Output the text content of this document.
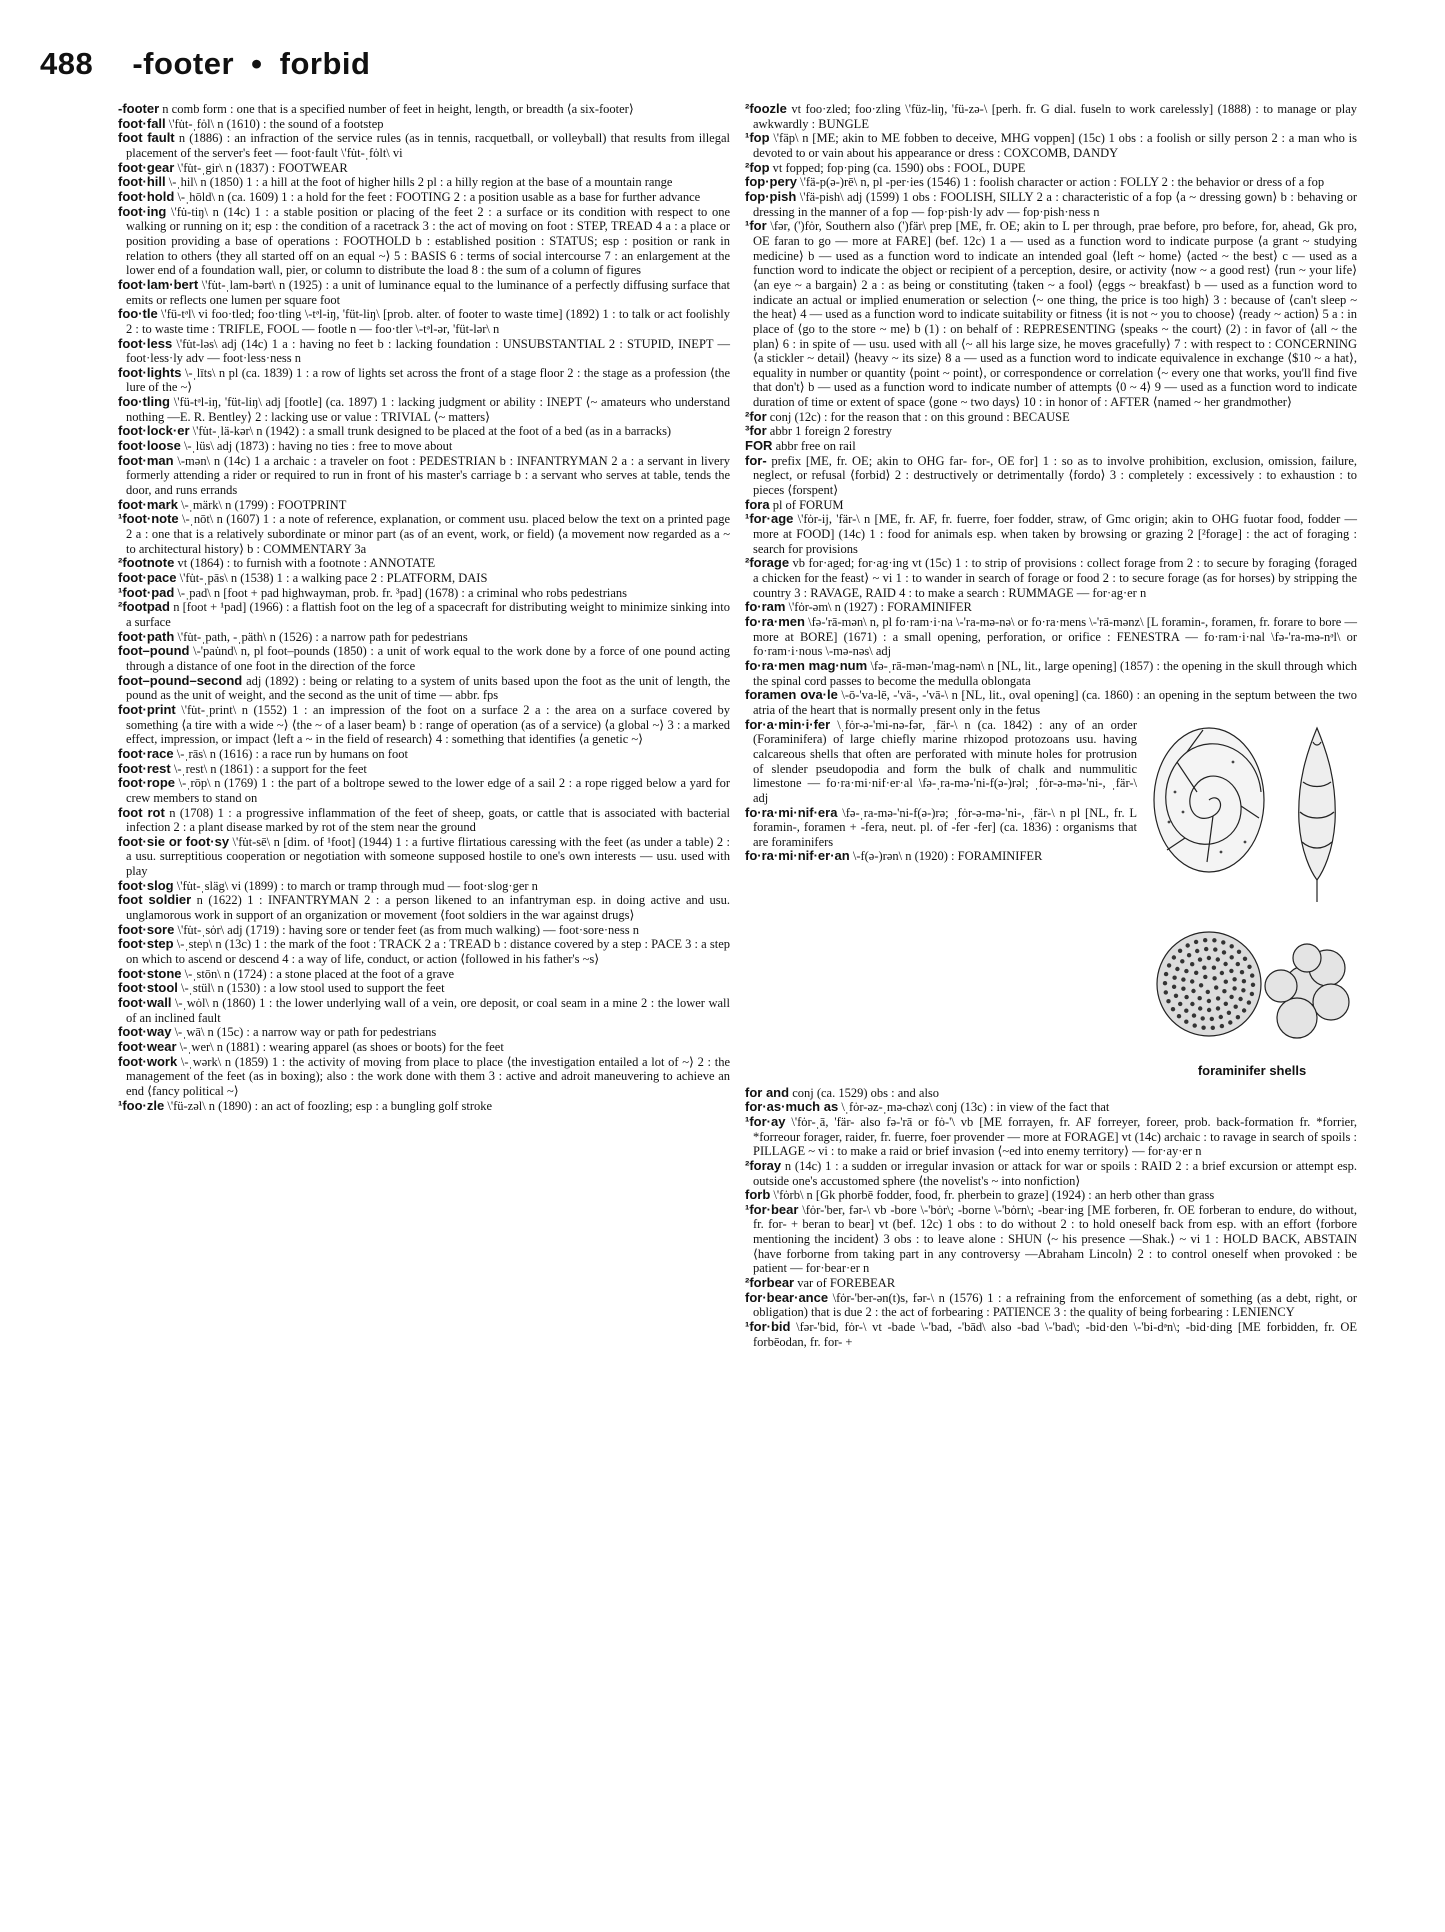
488 -footer • forbid

-footer n comb form : one that is a specified number of feet in height, length, or breadth ⟨a six-footer⟩

foot·fall \'fu̇t-ˌfȯl\ n (1610) : the sound of a footstep

foot fault n (1886) : an infraction of the service rules (as in tennis, racquetball, or volleyball) that results from illegal placement of the server's feet — foot·fault \'fu̇t-ˌfȯlt\ vi

foot·gear \'fu̇t-ˌgir\ n (1837) : FOOTWEAR

foot·hill \-ˌhil\ n (1850) 1 : a hill at the foot of higher hills 2 pl : a hilly region at the base of a mountain range

foot·hold \-ˌhōld\ n (ca. 1609) 1 : a hold for the feet : FOOTING 2 : a position usable as a base for further advance

foot·ing \'fu̇-tiŋ\ n (14c) 1 : a stable position or placing of the feet 2 : a surface or its condition with respect to one walking or running on it; esp : the condition of a racetrack 3 : the act of moving on foot : STEP, TREAD 4 a : a place or position providing a base of operations : FOOTHOLD b : established position : STATUS; esp : position or rank in relation to others ⟨they all started off on an equal ~⟩ 5 : BASIS 6 : terms of social intercourse 7 : an enlargement at the lower end of a foundation wall, pier, or column to distribute the load 8 : the sum of a column of figures

foot·lam·bert \'fu̇t-ˌlam-bərt\ n (1925) : a unit of luminance equal to the luminance of a perfectly diffusing surface that emits or reflects one lumen per square foot

foo·tle \'fü-tᵊl\ vi foo·tled; foo·tling \-tᵊl-iŋ, 'füt-liŋ\ [prob. alter. of footer to waste time] (1892) 1 : to talk or act foolishly 2 : to waste time : TRIFLE, FOOL — footle n — foo·tler \-tᵊl-ər, 'füt-lər\ n

foot·less \'fu̇t-ləs\ adj (14c) 1 a : having no feet b : lacking foundation : UNSUBSTANTIAL 2 : STUPID, INEPT — foot·less·ly adv — foot·less·ness n

foot·lights \-ˌlīts\ n pl (ca. 1839) 1 : a row of lights set across the front of a stage floor 2 : the stage as a profession ⟨the lure of the ~⟩

foo·tling \'fü-tᵊl-iŋ, 'füt-liŋ\ adj [footle] (ca. 1897) 1 : lacking judgment or ability : INEPT ⟨~ amateurs who understand nothing —E. R. Bentley⟩ 2 : lacking use or value : TRIVIAL ⟨~ matters⟩

foot·lock·er \'fu̇t-ˌlä-kər\ n (1942) : a small trunk designed to be placed at the foot of a bed (as in a barracks)

foot·loose \-ˌlüs\ adj (1873) : having no ties : free to move about

foot·man \-mən\ n (14c) 1 a archaic : a traveler on foot : PEDESTRIAN b : INFANTRYMAN 2 a : a servant in livery formerly attending a rider or required to run in front of his master's carriage b : a servant who serves at table, tends the door, and runs errands

foot·mark \-ˌmärk\ n (1799) : FOOTPRINT

¹foot·note \-ˌnōt\ n (1607) 1 : a note of reference, explanation, or comment usu. placed below the text on a printed page 2 a : one that is a relatively subordinate or minor part (as of an event, work, or field) ⟨a movement now regarded as a ~ to architectural history⟩ b : COMMENTARY 3a

²footnote vt (1864) : to furnish with a footnote : ANNOTATE

foot·pace \'fu̇t-ˌpās\ n (1538) 1 : a walking pace 2 : PLATFORM, DAIS

¹foot·pad \-ˌpad\ n [foot + pad highwayman, prob. fr. ³pad] (1678) : a criminal who robs pedestrians

²footpad n [foot + ¹pad] (1966) : a flattish foot on the leg of a spacecraft for distributing weight to minimize sinking into a surface

foot·path \'fu̇t-ˌpath, -ˌpäth\ n (1526) : a narrow path for pedestrians

foot–pound \-'pau̇nd\ n, pl foot–pounds (1850) : a unit of work equal to the work done by a force of one pound acting through a distance of one foot in the direction of the force

foot–pound–second adj (1892) : being or relating to a system of units based upon the foot as the unit of length, the pound as the unit of weight, and the second as the unit of time — abbr. fps

foot·print \'fu̇t-ˌprint\ n (1552) 1 : an impression of the foot on a surface 2 a : the area on a surface covered by something ⟨a tire with a wide ~⟩ ⟨the ~ of a laser beam⟩ b : range of operation (as of a service) ⟨a global ~⟩ 3 : a marked effect, impression, or impact ⟨left a ~ in the field of research⟩ 4 : something that identifies ⟨a genetic ~⟩

foot·race \-ˌrās\ n (1616) : a race run by humans on foot

foot·rest \-ˌrest\ n (1861) : a support for the feet

foot·rope \-ˌrōp\ n (1769) 1 : the part of a boltrope sewed to the lower edge of a sail 2 : a rope rigged below a yard for crew members to stand on

foot rot n (1708) 1 : a progressive inflammation of the feet of sheep, goats, or cattle that is associated with bacterial infection 2 : a plant disease marked by rot of the stem near the ground

foot·sie or foot·sy \'fu̇t-sē\ n [dim. of ¹foot] (1944) 1 : a furtive flirtatious caressing with the feet (as under a table) 2 : a usu. surreptitious cooperation or negotiation with someone supposed hostile to one's own interests — usu. used with play

foot·slog \'fu̇t-ˌsläg\ vi (1899) : to march or tramp through mud — foot·slog·ger n

foot soldier n (1622) 1 : INFANTRYMAN 2 : a person likened to an infantryman esp. in doing active and usu. unglamorous work in support of an organization or movement ⟨foot soldiers in the war against drugs⟩

foot·sore \'fu̇t-ˌsȯr\ adj (1719) : having sore or tender feet (as from much walking) — foot·sore·ness n

foot·step \-ˌstep\ n (13c) 1 : the mark of the foot : TRACK 2 a : TREAD b : distance covered by a step : PACE 3 : a step on which to ascend or descend 4 : a way of life, conduct, or action ⟨followed in his father's ~s⟩

foot·stone \-ˌstōn\ n (1724) : a stone placed at the foot of a grave

foot·stool \-ˌstül\ n (1530) : a low stool used to support the feet

foot·wall \-ˌwȯl\ n (1860) 1 : the lower underlying wall of a vein, ore deposit, or coal seam in a mine 2 : the lower wall of an inclined fault

foot·way \-ˌwā\ n (15c) : a narrow way or path for pedestrians

foot·wear \-ˌwer\ n (1881) : wearing apparel (as shoes or boots) for the feet

foot·work \-ˌwərk\ n (1859) 1 : the activity of moving from place to place ⟨the investigation entailed a lot of ~⟩ 2 : the management of the feet (as in boxing); also : the work done with them 3 : active and adroit maneuvering to achieve an end ⟨fancy political ~⟩

¹foo·zle \'fü-zəl\ n (1890) : an act of foozling; esp : a bungling golf stroke

²foozle vt foo·zled; foo·zling \'füz-liŋ, 'fü-zə-\ [perh. fr. G dial. fuseln to work carelessly] (1888) : to manage or play awkwardly : BUNGLE

¹fop \'fäp\ n [ME; akin to ME fobben to deceive, MHG voppen] (15c) 1 obs : a foolish or silly person 2 : a man who is devoted to or vain about his appearance or dress : COXCOMB, DANDY

²fop vt fopped; fop·ping (ca. 1590) obs : FOOL, DUPE

fop·pery \'fä-p(ə-)rē\ n, pl -per·ies (1546) 1 : foolish character or action : FOLLY 2 : the behavior or dress of a fop

fop·pish \'fä-pish\ adj (1599) 1 obs : FOOLISH, SILLY 2 a : characteristic of a fop ⟨a ~ dressing gown⟩ b : behaving or dressing in the manner of a fop — fop·pish·ly adv — fop·pish·ness n

¹for \fər, (')fȯr, Southern also (')fär\ prep [ME, fr. OE; akin to L per through, prae before, pro before, for, ahead, Gk pro, OE faran to go — more at FARE] (bef. 12c) 1 a — used as a function word to indicate purpose ⟨a grant ~ studying medicine⟩ b — used as a function word to indicate an intended goal ⟨left ~ home⟩ ⟨acted ~ the best⟩ c — used as a function word to indicate the object or recipient of a perception, desire, or activity ⟨now ~ a good rest⟩ ⟨run ~ your life⟩ ⟨an eye ~ a bargain⟩ 2 a : as being or constituting ⟨taken ~ a fool⟩ ⟨eggs ~ breakfast⟩ b — used as a function word to indicate an actual or implied enumeration or selection ⟨~ one thing, the price is too high⟩ 3 : because of ⟨can't sleep ~ the heat⟩ 4 — used as a function word to indicate suitability or fitness ⟨it is not ~ you to choose⟩ ⟨ready ~ action⟩ 5 a : in place of ⟨go to the store ~ me⟩ b (1) : on behalf of : REPRESENTING ⟨speaks ~ the court⟩ (2) : in favor of ⟨all ~ the plan⟩ 6 : in spite of — usu. used with all ⟨~ all his large size, he moves gracefully⟩ 7 : with respect to : CONCERNING ⟨a stickler ~ detail⟩ ⟨heavy ~ its size⟩ 8 a — used as a function word to indicate equivalence in exchange ⟨$10 ~ a hat⟩, equality in number or quantity ⟨point ~ point⟩, or correspondence or correlation ⟨~ every one that works, you'll find five that don't⟩ b — used as a function word to indicate number of attempts ⟨0 ~ 4⟩ 9 — used as a function word to indicate duration of time or extent of space ⟨gone ~ two days⟩ 10 : in honor of : AFTER ⟨named ~ her grandmother⟩

²for conj (12c) : for the reason that : on this ground : BECAUSE

³for abbr 1 foreign 2 forestry

FOR abbr free on rail

for- prefix [ME, fr. OE; akin to OHG far- for-, OE for] 1 : so as to involve prohibition, exclusion, omission, failure, neglect, or refusal ⟨forbid⟩ 2 : destructively or detrimentally ⟨fordo⟩ 3 : completely : excessively : to exhaustion : to pieces ⟨forspent⟩

fora pl of FORUM

¹for·age \'fȯr-ij, 'fär-\ n [ME, fr. AF, fr. fuerre, foer fodder, straw, of Gmc origin; akin to OHG fuotar food, fodder — more at FOOD] (14c) 1 : food for animals esp. when taken by browsing or grazing 2 [²forage] : the act of foraging : search for provisions

²forage vb for·aged; for·ag·ing vt (15c) 1 : to strip of provisions : collect forage from 2 : to secure by foraging ⟨foraged a chicken for the feast⟩ ~ vi 1 : to wander in search of forage or food 2 : to secure forage (as for horses) by stripping the country 3 : RAVAGE, RAID 4 : to make a search : RUMMAGE — for·ag·er n

fo·ram \'fȯr-əm\ n (1927) : FORAMINIFER

fo·ra·men \fə-'rā-mən\ n, pl fo·ram·i·na \-'ra-mə-nə\ or fo·ra·mens \-'rā-mənz\ [L foramin-, foramen, fr. forare to bore — more at BORE] (1671) : a small opening, perforation, or orifice : FENESTRA — fo·ram·i·nal \fə-'ra-mə-nᵊl\ or fo·ram·i·nous \-mə-nəs\ adj

fo·ra·men mag·num \fə-ˌrā-mən-'mag-nəm\ n [NL, lit., large opening] (1857) : the opening in the skull through which the spinal cord passes to become the medulla oblongata

foramen ova·le \-ō-'va-lē, -'vä-, -'vā-\ n [NL, lit., oval opening] (ca. 1860) : an opening in the septum between the two atria of the heart that is normally present only in the fetus

foraminifer shells

for·a·min·i·fer \ˌfȯr-ə-'mi-nə-fər, ˌfär-\ n (ca. 1842) : any of an order (Foraminifera) of large chiefly marine rhizopod protozoans usu. having calcareous shells that often are perforated with minute holes for protrusion of slender pseudopodia and form the bulk of chalk and nummulitic limestone — fo·ra·mi·nif·er·al \fə-ˌra-mə-'ni-f(ə-)rəl; ˌfȯr-ə-mə-'ni-, ˌfär-\ adj

fo·ra·mi·nif·era \fə-ˌra-mə-'ni-f(ə-)rə; ˌfȯr-ə-mə-'ni-, ˌfär-\ n pl [NL, fr. L foramin-, foramen + -fera, neut. pl. of -fer -fer] (ca. 1836) : organisms that are foraminifers

fo·ra·mi·nif·er·an \-f(ə-)rən\ n (1920) : FORAMINIFER

for and conj (ca. 1529) obs : and also

for·as·much as \ˌfȯr-əz-ˌmə-chəz\ conj (13c) : in view of the fact that

¹for·ay \'fȯr-ˌā, 'fär- also fə-'rā or fȯ-'\ vb [ME forrayen, fr. AF forreyer, foreer, prob. back-formation fr. *forrier, *forreour forager, raider, fr. fuerre, foer provender — more at FORAGE] vt (14c) archaic : to ravage in search of spoils : PILLAGE ~ vi : to make a raid or brief invasion ⟨~ed into enemy territory⟩ — for·ay·er n

²foray n (14c) 1 : a sudden or irregular invasion or attack for war or spoils : RAID 2 : a brief excursion or attempt esp. outside one's accustomed sphere ⟨the novelist's ~ into nonfiction⟩

forb \'fȯrb\ n [Gk phorbē fodder, food, fr. pherbein to graze] (1924) : an herb other than grass

¹for·bear \fȯr-'ber, fər-\ vb -bore \-'bȯr\; -borne \-'bȯrn\; -bear·ing [ME forberen, fr. OE forberan to endure, do without, fr. for- + beran to bear] vt (bef. 12c) 1 obs : to do without 2 : to hold oneself back from esp. with an effort ⟨forbore mentioning the incident⟩ 3 obs : to leave alone : SHUN ⟨~ his presence —Shak.⟩ ~ vi 1 : HOLD BACK, ABSTAIN ⟨have forborne from taking part in any controversy —Abraham Lincoln⟩ 2 : to control oneself when provoked : be patient — for·bear·er n

²forbear var of FOREBEAR

for·bear·ance \fȯr-'ber-ən(t)s, fər-\ n (1576) 1 : a refraining from the enforcement of something (as a debt, right, or obligation) that is due 2 : the act of forbearing : PATIENCE 3 : the quality of being forbearing : LENIENCY

¹for·bid \fər-'bid, fȯr-\ vt -bade \-'bad, -'bād\ also -bad \-'bad\; -bid·den \-'bi-dᵊn\; -bid·ding [ME forbidden, fr. OE forbēodan, fr. for- +
